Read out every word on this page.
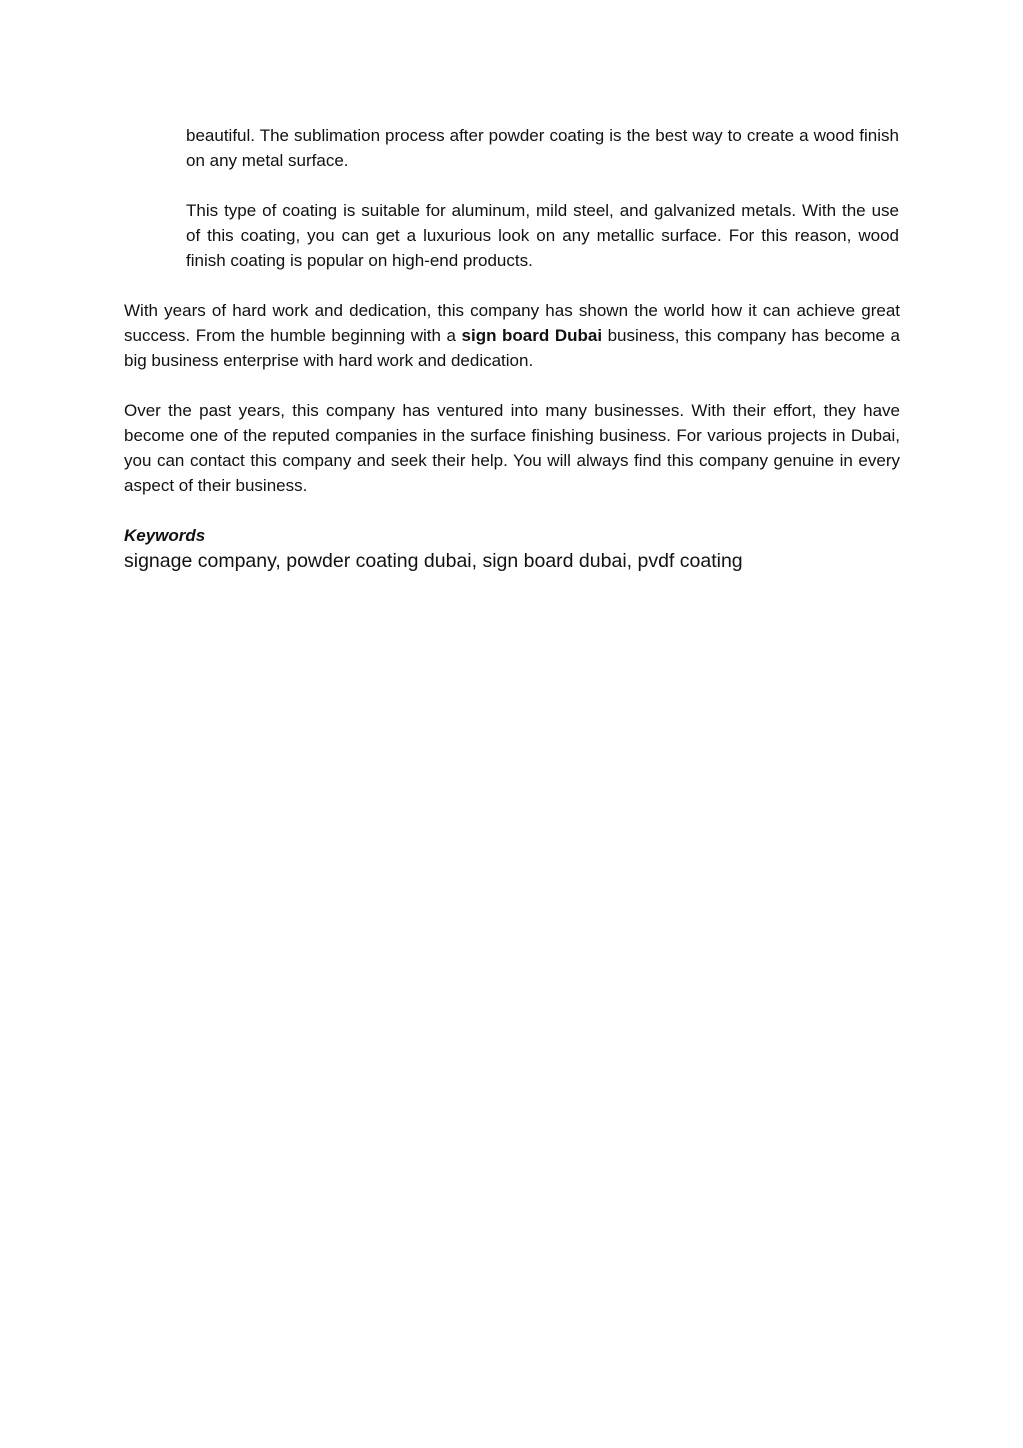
beautiful. The sublimation process after powder coating is the best way to create a wood finish on any metal surface.

This type of coating is suitable for aluminum, mild steel, and galvanized metals. With the use of this coating, you can get a luxurious look on any metallic surface. For this reason, wood finish coating is popular on high-end products.

With years of hard work and dedication, this company has shown the world how it can achieve great success. From the humble beginning with a sign board Dubai business, this company has become a big business enterprise with hard work and dedication.

Over the past years, this company has ventured into many businesses. With their effort, they have become one of the reputed companies in the surface finishing business. For various projects in Dubai, you can contact this company and seek their help. You will always find this company genuine in every aspect of their business.

Keywords
signage company, powder coating dubai, sign board dubai, pvdf coating
